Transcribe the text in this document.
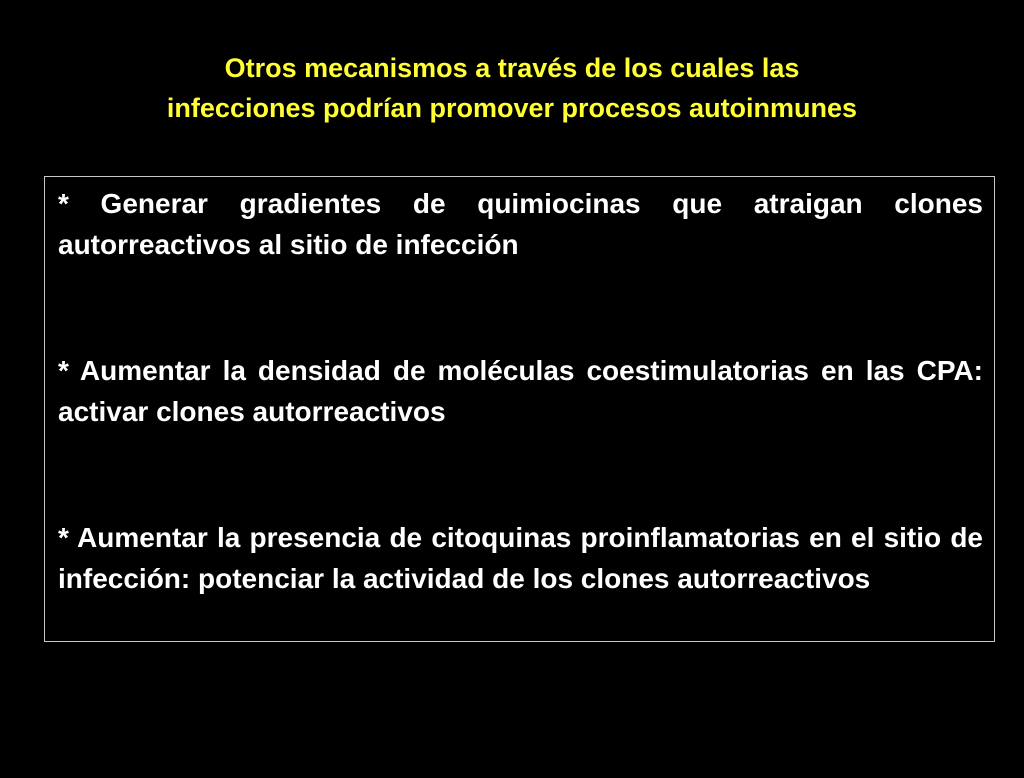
Otros mecanismos a través de los cuales las
infecciones podrían promover procesos autoinmunes
* Generar gradientes de quimiocinas que atraigan clones autorreactivos al sitio de infección
* Aumentar la densidad de moléculas coestimulatorias en las CPA: activar clones autorreactivos
* Aumentar la presencia de citoquinas proinflamatorias en el sitio de infección: potenciar la actividad de los clones autorreactivos
